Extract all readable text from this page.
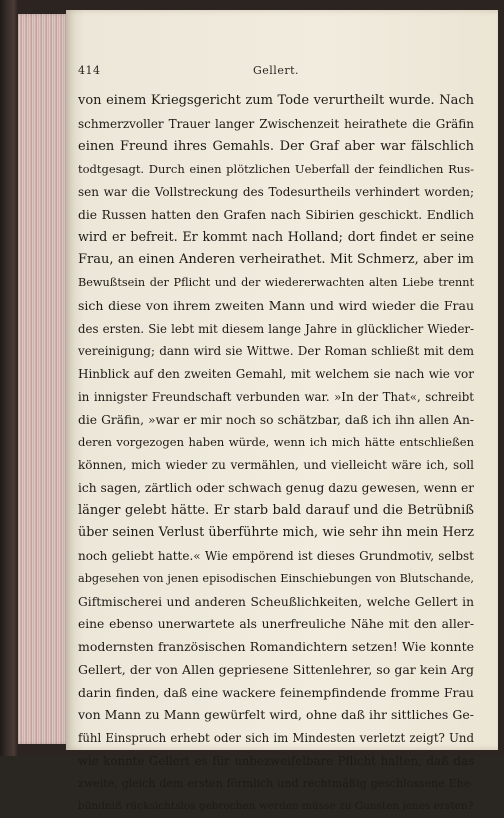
414	Gellert.
von einem Kriegsgericht zum Tode verurtheilt wurde. Nach
schmerzvoller Trauer langer Zwischenzeit heirathete die Gräfin
einen Freund ihres Gemahls. Der Graf aber war fälschlich
todtgesagt. Durch einen plötzlichen Ueberfall der feindlichen Rus-
sen war die Vollstreckung des Todesurtheils verhindert worden;
die Russen hatten den Grafen nach Sibirien geschickt. Endlich
wird er befreit. Er kommt nach Holland; dort findet er seine
Frau, an einen Anderen verheirathet. Mit Schmerz, aber im
Bewußtsein der Pflicht und der wiedererwachten alten Liebe trennt
sich diese von ihrem zweiten Mann und wird wieder die Frau
des ersten. Sie lebt mit diesem lange Jahre in glücklicher Wieder-
vereinigung; dann wird sie Wittwe. Der Roman schließt mit dem
Hinblick auf den zweiten Gemahl, mit welchem sie nach wie vor
in innigster Freundschaft verbunden war. »In der That«, schreibt
die Gräfin, »war er mir noch so schätzbar, daß ich ihn allen An-
deren vorgezogen haben würde, wenn ich mich hätte entschließen
können, mich wieder zu vermählen, und vielleicht wäre ich, soll
ich sagen, zärtlich oder schwach genug dazu gewesen, wenn er
länger gelebt hätte. Er starb bald darauf und die Betrübniß
über seinen Verlust überführte mich, wie sehr ihn mein Herz
noch geliebt hatte.« Wie empörend ist dieses Grundmotiv, selbst
abgesehen von jenen episodischen Einschiebungen von Blutschande,
Giftmischerei und anderen Scheußlichkeiten, welche Gellert in
eine ebenso unerwartete als unerfreuliche Nähe mit den aller-
modernsten französischen Romandichtern setzen! Wie konnte
Gellert, der von Allen gepriesene Sittenlehrer, so gar kein Arg
darin finden, daß eine wackere feinempfindende fromme Frau
von Mann zu Mann gewürfelt wird, ohne daß ihr sittliches Ge-
fühl Einspruch erhebt oder sich im Mindesten verletzt zeigt? Und
wie konnte Gellert es für unbezweifelbare Pflicht halten, daß das
zweite, gleich dem ersten förmlich und rechtmäßig geschlossene Ehe-
bündniß rücksichtslos gebrochen werden müsse zu Gunsten jenes ersten?
